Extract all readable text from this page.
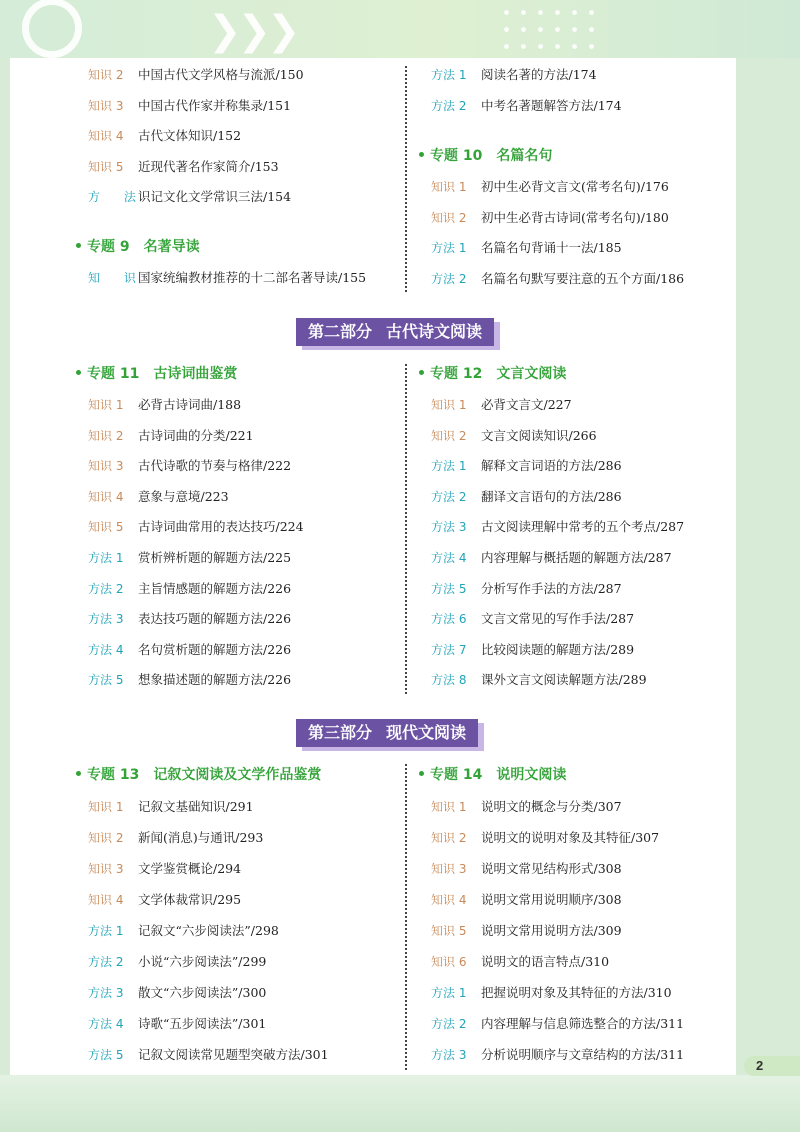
❯❯❯
2
第二部分 古代诗文阅读
第三部分 现代文阅读
知识 2 中国古代文学风格与流派/150
知识 3 中国古代作家并称集录/151
知识 4 古代文体知识/152
知识 5 近现代著名作家简介/153
方 法识记文化文学常识三法/154
专题 9 名著导读
知 识国家统编教材推荐的十二部名著导读/155
方法 1 阅读名著的方法/174
方法 2 中考名著题解答方法/174
专题 10 名篇名句
知识 1 初中生必背文言文(常考名句)/176
知识 2 初中生必背古诗词(常考名句)/180
方法 1 名篇名句背诵十一法/185
方法 2 名篇名句默写要注意的五个方面/186
专题 11 古诗词曲鉴赏
知识 1 必背古诗词曲/188
知识 2 古诗词曲的分类/221
知识 3 古代诗歌的节奏与格律/222
知识 4 意象与意境/223
知识 5 古诗词曲常用的表达技巧/224
方法 1 赏析辨析题的解题方法/225
方法 2 主旨情感题的解题方法/226
方法 3 表达技巧题的解题方法/226
方法 4 名句赏析题的解题方法/226
方法 5 想象描述题的解题方法/226
专题 12 文言文阅读
知识 1 必背文言文/227
知识 2 文言文阅读知识/266
方法 1 解释文言词语的方法/286
方法 2 翻译文言语句的方法/286
方法 3 古文阅读理解中常考的五个考点/287
方法 4 内容理解与概括题的解题方法/287
方法 5 分析写作手法的方法/287
方法 6 文言文常见的写作手法/287
方法 7 比较阅读题的解题方法/289
方法 8 课外文言文阅读解题方法/289
专题 13 记叙文阅读及文学作品鉴赏
知识 1 记叙文基础知识/291
知识 2 新闻(消息)与通讯/293
知识 3 文学鉴赏概论/294
知识 4 文学体裁常识/295
方法 1 记叙文“六步阅读法”/298
方法 2 小说“六步阅读法”/299
方法 3 散文“六步阅读法”/300
方法 4 诗歌“五步阅读法”/301
方法 5 记叙文阅读常见题型突破方法/301
专题 14 说明文阅读
知识 1 说明文的概念与分类/307
知识 2 说明文的说明对象及其特征/307
知识 3 说明文常见结构形式/308
知识 4 说明文常用说明顺序/308
知识 5 说明文常用说明方法/309
知识 6 说明文的语言特点/310
方法 1 把握说明对象及其特征的方法/310
方法 2 内容理解与信息筛选整合的方法/311
方法 3 分析说明顺序与文章结构的方法/311
